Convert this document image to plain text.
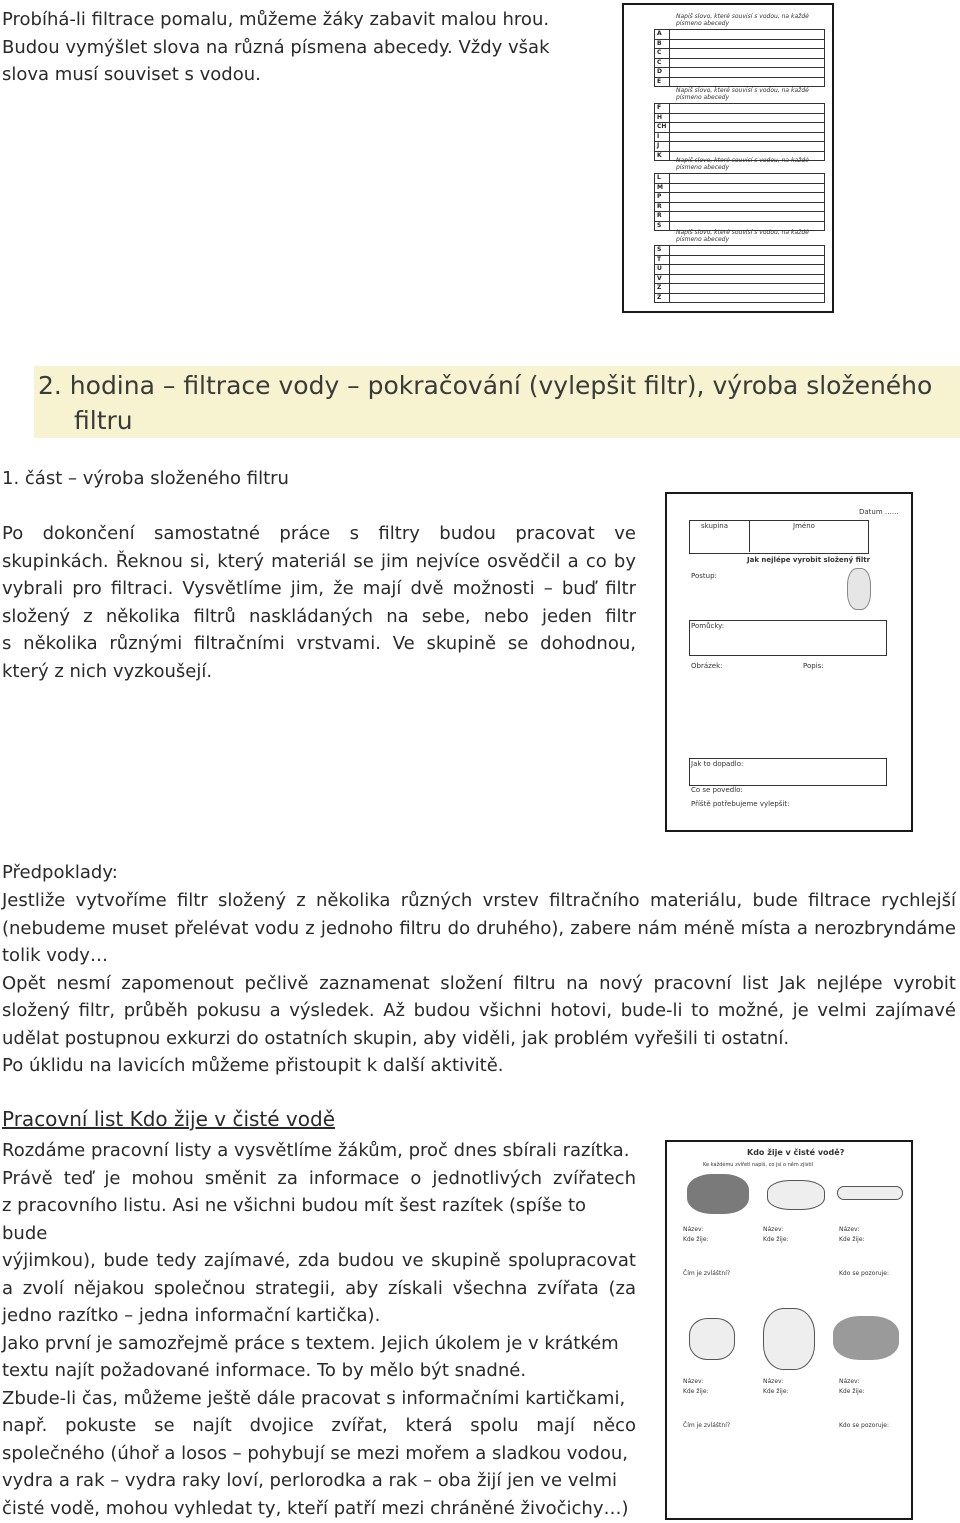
Probíhá-li filtrace pomalu, můžeme žáky zabavit malou hrou.
Budou vymýšlet slova na různá písmena abecedy. Vždy však
slova musí souviset s vodou.
Napiš slovo, které souvisí s vodou, na každé písmeno abecedy
A	
B	
C	
Č	
D	
E	
Napiš slovo, které souvisí s vodou, na každé písmeno abecedy
F	
H	
CH	
I	
J	
K	
Napiš slovo, které souvisí s vodou, na každé písmeno abecedy
L	
M	
P	
R	
Ř	
S	
Napiš slovo, které souvisí s vodou, na každé písmeno abecedy
Š	
T	
U	
V	
Z	
Ž	
2. hodina – filtrace vody – pokračování (vylepšit filtr), výroba složeného
filtru
1. část – výroba složeného filtru
Po dokončení samostatné práce s filtry budou pracovat ve
skupinkách. Řeknou si, který materiál se jim nejvíce osvědčil a co by
vybrali pro filtraci. Vysvětlíme jim, že mají dvě možnosti – buď filtr
složený z několika filtrů naskládaných na sebe, nebo jeden filtr
s několika různými filtračními vrstvami. Ve skupině se dohodnou,
který z nich vyzkoušejí.
Datum ……
skupina	Jméno
Jak nejlépe vyrobit složený filtr
Postup:
Pomůcky:
Obrázek:	Popis:
Jak to dopadlo:
Co se povedlo:
Příště potřebujeme vylepšit:
Předpoklady:
Jestliže vytvoříme filtr složený z několika různých vrstev filtračního materiálu, bude filtrace rychlejší
(nebudeme muset přelévat vodu z jednoho filtru do druhého), zabere nám méně místa a nerozbryndáme
tolik vody…
Opět nesmí zapomenout pečlivě zaznamenat složení filtru na nový pracovní list Jak nejlépe vyrobit
složený filtr, průběh pokusu a výsledek. Až budou všichni hotovi, bude-li to možné, je velmi zajímavé
udělat postupnou exkurzi do ostatních skupin, aby viděli, jak problém vyřešili ti ostatní.
Po úklidu na lavicích můžeme přistoupit k další aktivitě.
Pracovní list Kdo žije v čisté vodě
Rozdáme pracovní listy a vysvětlíme žákům, proč dnes sbírali razítka.
Právě teď je mohou směnit za informace o jednotlivých zvířatech
z pracovního listu. Asi ne všichni budou mít šest razítek (spíše to bude
výjimkou), bude tedy zajímavé, zda budou ve skupině spolupracovat
a zvolí nějakou společnou strategii, aby získali všechna zvířata (za
jedno razítko – jedna informační kartička).
Jako první je samozřejmě práce s textem. Jejich úkolem je v krátkém
textu najít požadované informace. To by mělo být snadné.
Zbude-li čas, můžeme ještě dále pracovat s informačními kartičkami,
např. pokuste se najít dvojice zvířat, která spolu mají něco
společného (úhoř a losos – pohybují se mezi mořem a sladkou vodou,
vydra a rak – vydra raky loví, perlorodka a rak – oba žijí jen ve velmi
čisté vodě, mohou vyhledat ty, kteří patří mezi chráněné živočichy…)
Kdo žije v čisté vodě?
Ke každému zvířeti napiš, co jsi o něm zjistil
Název:
Kde žije:
Název:
Kde žije:
Název:
Kde žije:
Čím je zvláštní?	Kdo se pozoruje:
Název:
Kde žije:
Název:
Kde žije:
Název:
Kde žije:
Čím je zvláštní?	Kdo se pozoruje:
